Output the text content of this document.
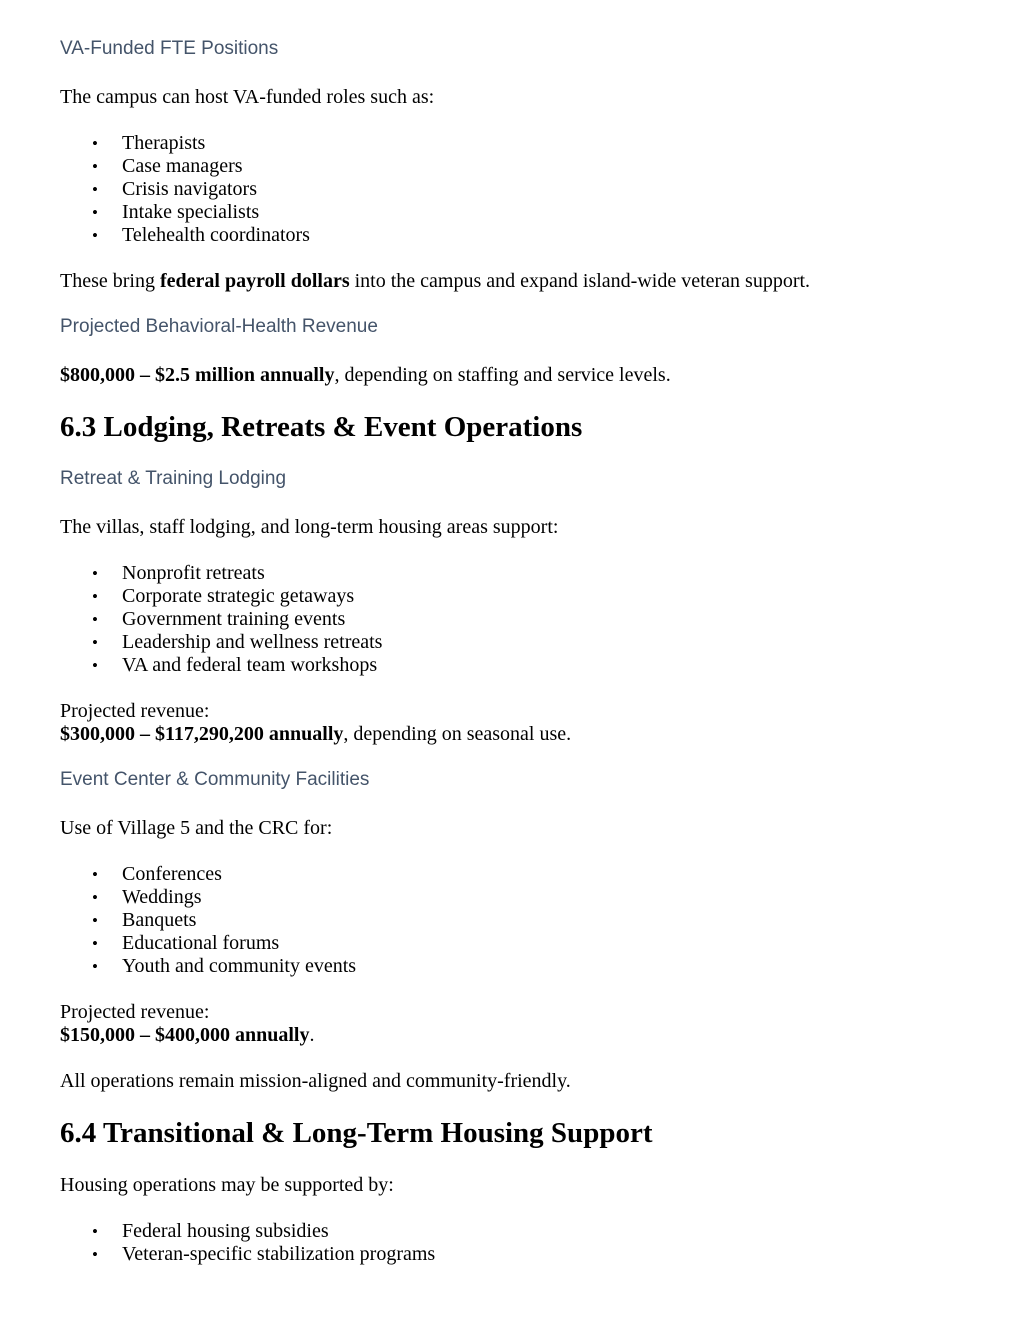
VA-Funded FTE Positions

The campus can host VA-funded roles such as:

•	Therapists
•	Case managers
•	Crisis navigators
•	Intake specialists
•	Telehealth coordinators

These bring federal payroll dollars into the campus and expand island-wide veteran support.

Projected Behavioral-Health Revenue

$800,000 – $2.5 million annually, depending on staffing and service levels.

6.3 Lodging, Retreats & Event Operations
Retreat & Training Lodging

The villas, staff lodging, and long-term housing areas support:

•	Nonprofit retreats
•	Corporate strategic getaways
•	Government training events
•	Leadership and wellness retreats
•	VA and federal team workshops

Projected revenue:
$300,000 – $117,290,200 annually, depending on seasonal use.

Event Center & Community Facilities

Use of Village 5 and the CRC for:

•	Conferences
•	Weddings
•	Banquets
•	Educational forums
•	Youth and community events

Projected revenue:
$150,000 – $400,000 annually.

All operations remain mission-aligned and community-friendly.

6.4 Transitional & Long-Term Housing Support

Housing operations may be supported by:

•	Federal housing subsidies
•	Veteran-specific stabilization programs
